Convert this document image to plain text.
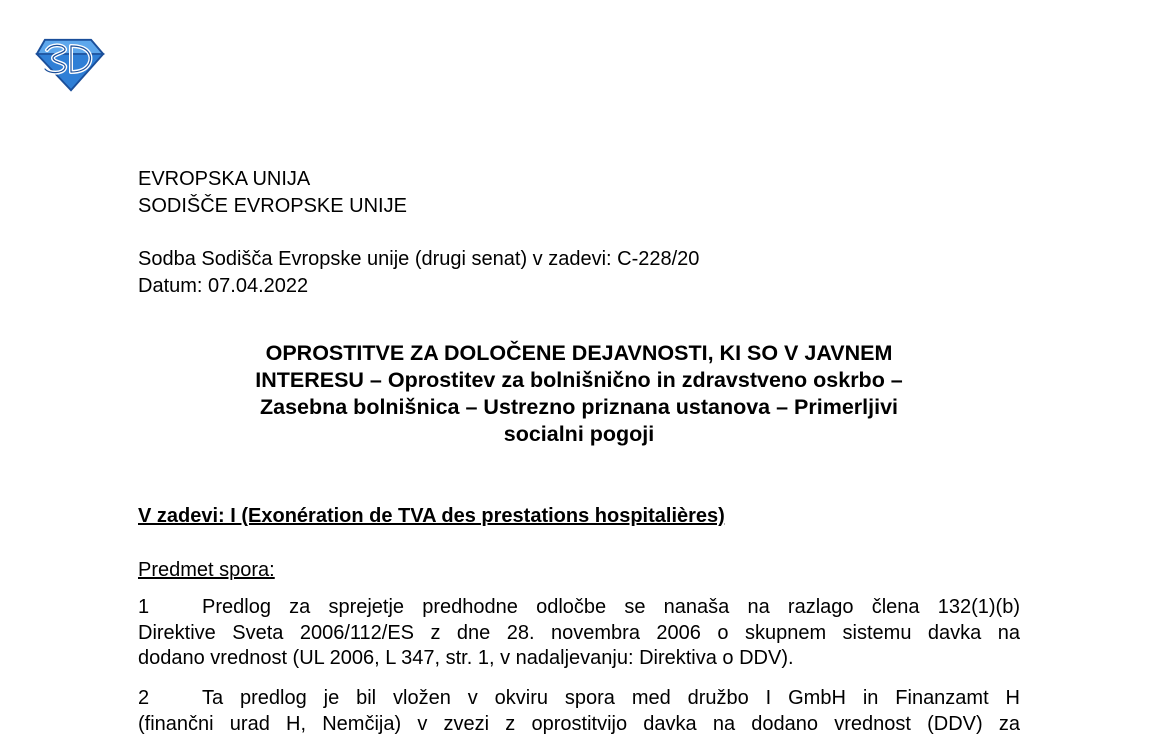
EVROPSKA UNIJA
SODIŠČE EVROPSKE UNIJE
Sodba Sodišča Evropske unije (drugi senat) v zadevi: C-228/20
Datum: 07.04.2022
OPROSTITVE ZA DOLOČENE DEJAVNOSTI, KI SO V JAVNEM
INTERESU – Oprostitev za bolnišnično in zdravstveno oskrbo –
Zasebna bolnišnica – Ustrezno priznana ustanova – Primerljivi
socialni pogoji
V zadevi: I (Exonération de TVA des prestations hospitalières)
Predmet spora:
1	Predlog za sprejetje predhodne odločbe se nanaša na razlago člena 132(1)(b)
Direktive Sveta 2006/112/ES z dne 28. novembra 2006 o skupnem sistemu davka na
dodano vrednost (UL 2006, L 347, str. 1, v nadaljevanju: Direktiva o DDV).
2	Ta predlog je bil vložen v okviru spora med družbo I GmbH in Finanzamt H
(finančni urad H, Nemčija) v zvezi z oprostitvijo davka na dodano vrednost (DDV) za
